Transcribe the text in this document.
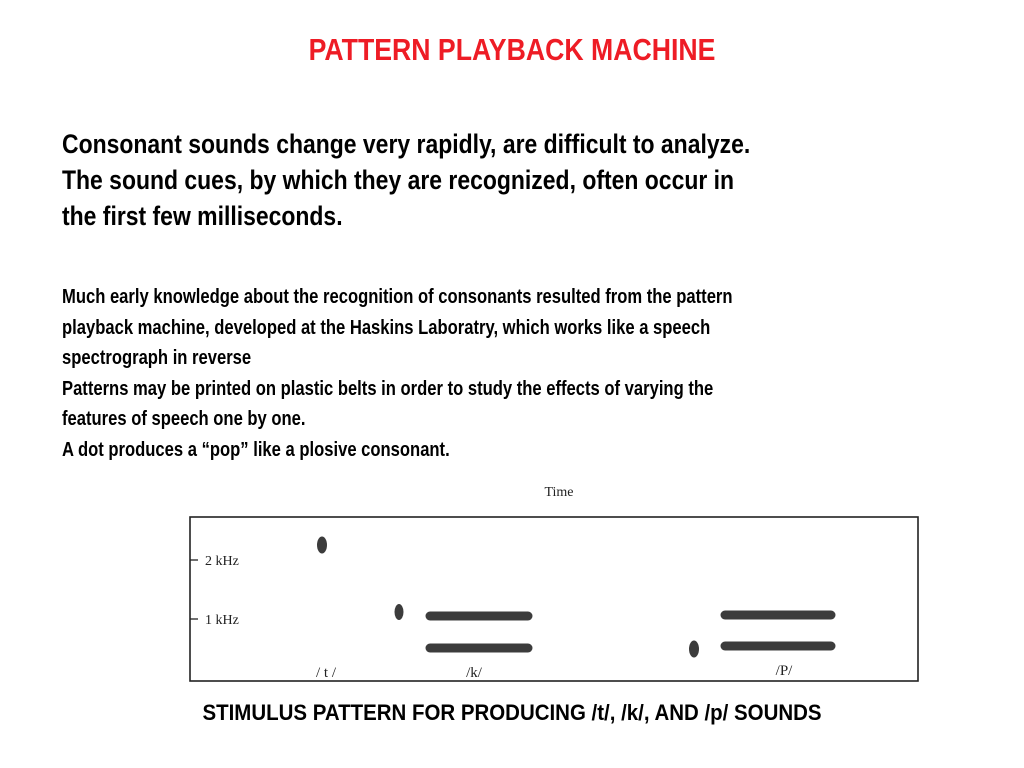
PATTERN PLAYBACK MACHINE
Consonant sounds change very rapidly, are difficult to analyze.
The sound cues, by which they are recognized, often occur in
the first few milliseconds.
Much early knowledge about the recognition of consonants resulted from the pattern
playback machine, developed at the Haskins Laboratry, which works like a speech
spectrograph in reverse
Patterns may be printed on plastic belts in order to study the effects of varying the
features of speech one by one.
A dot produces a “pop” like a plosive consonant.
Time
2 kHz
1 kHz
/ t /	/k/	/P/
STIMULUS PATTERN FOR PRODUCING /t/, /k/, AND /p/ SOUNDS
